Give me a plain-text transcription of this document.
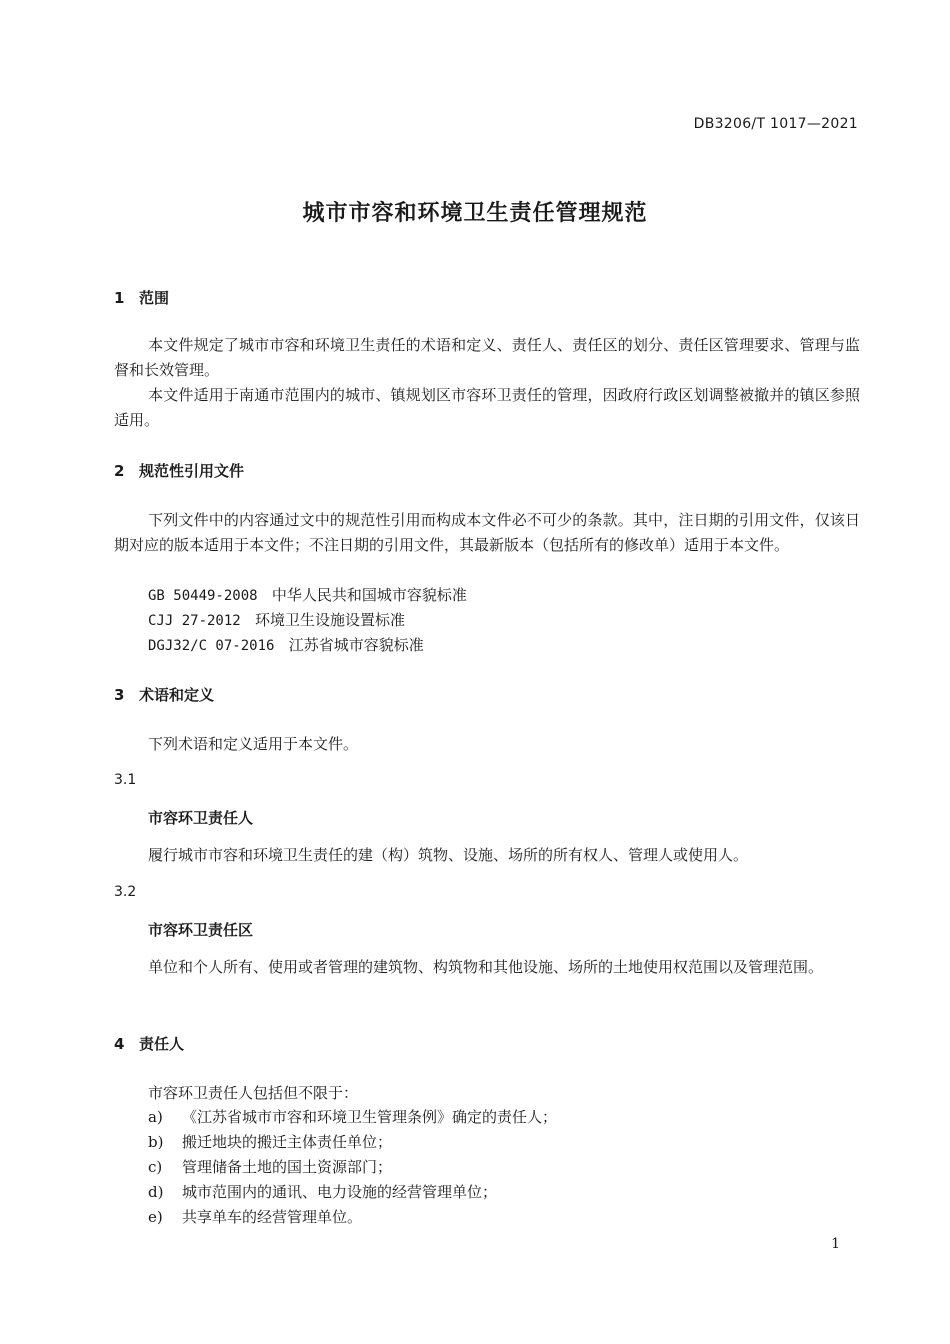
DB3206/T 1017—2021
城市市容和环境卫生责任管理规范
1 范围
本文件规定了城市市容和环境卫生责任的术语和定义、责任人、责任区的划分、责任区管理要求、管理与监督和长效管理。
本文件适用于南通市范围内的城市、镇规划区市容环卫责任的管理，因政府行政区划调整被撤并的镇区参照适用。
2 规范性引用文件
下列文件中的内容通过文中的规范性引用而构成本文件必不可少的条款。其中，注日期的引用文件，仅该日期对应的版本适用于本文件；不注日期的引用文件，其最新版本（包括所有的修改单）适用于本文件。
GB 50449-2008 中华人民共和国城市容貌标准
CJJ 27-2012 环境卫生设施设置标准
DGJ32/C 07-2016 江苏省城市容貌标准
3 术语和定义
下列术语和定义适用于本文件。
3.1
市容环卫责任人
履行城市市容和环境卫生责任的建（构）筑物、设施、场所的所有权人、管理人或使用人。
3.2
市容环卫责任区
单位和个人所有、使用或者管理的建筑物、构筑物和其他设施、场所的土地使用权范围以及管理范围。
4 责任人
市容环卫责任人包括但不限于：
a) 《江苏省城市市容和环境卫生管理条例》确定的责任人；
b) 搬迁地块的搬迁主体责任单位；
c) 管理储备土地的国土资源部门；
d) 城市范围内的通讯、电力设施的经营管理单位；
e) 共享单车的经营管理单位。
1
